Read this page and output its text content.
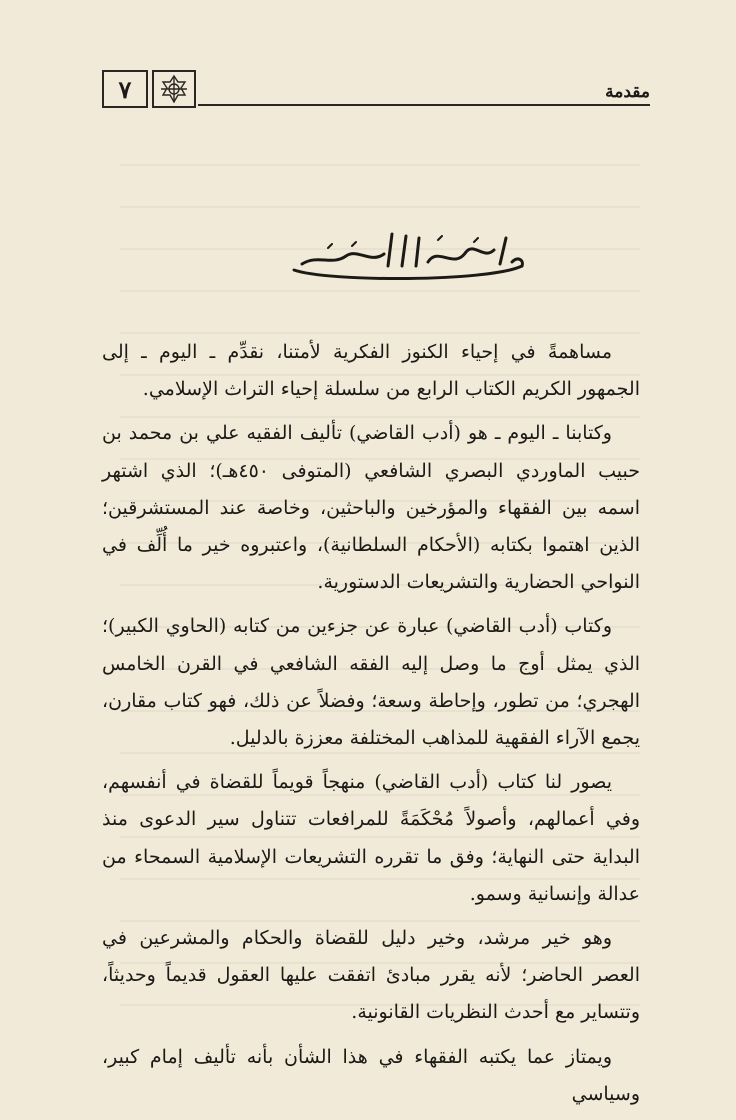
٧	مقدمة

مساهمةً في إحياء الكنوز الفكرية لأمتنا، نقدِّم ـ اليوم ـ إلى الجمهور الكريم الكتاب الرابع من سلسلة إحياء التراث الإسلامي.

وكتابنا ـ اليوم ـ هو (أدب القاضي) تأليف الفقيه علي بن محمد بن حبيب الماوردي البصري الشافعي (المتوفى ٤٥٠هـ)؛ الذي اشتهر اسمه بين الفقهاء والمؤرخين والباحثين، وخاصة عند المستشرقين؛ الذين اهتموا بكتابه (الأحكام السلطانية)، واعتبروه خير ما أُلِّف في النواحي الحضارية والتشريعات الدستورية.

وكتاب (أدب القاضي) عبارة عن جزءين من كتابه (الحاوي الكبير)؛ الذي يمثل أوج ما وصل إليه الفقه الشافعي في القرن الخامس الهجري؛ من تطور، وإحاطة وسعة؛ وفضلاً عن ذلك، فهو كتاب مقارن، يجمع الآراء الفقهية للمذاهب المختلفة معززة بالدليل.

يصور لنا كتاب (أدب القاضي) منهجاً قويماً للقضاة في أنفسهم، وفي أعمالهم، وأصولاً مُحْكَمَةً للمرافعات تتناول سير الدعوى منذ البداية حتى النهاية؛ وفق ما تقرره التشريعات الإسلامية السمحاء من عدالة وإنسانية وسمو.

وهو خير مرشد، وخير دليل للقضاة والحكام والمشرعين في العصر الحاضر؛ لأنه يقرر مبادئ اتفقت عليها العقول قديماً وحديثاً، وتتساير مع أحدث النظريات القانونية.

ويمتاز عما يكتبه الفقهاء في هذا الشأن بأنه تأليف إمام كبير، وسياسي
